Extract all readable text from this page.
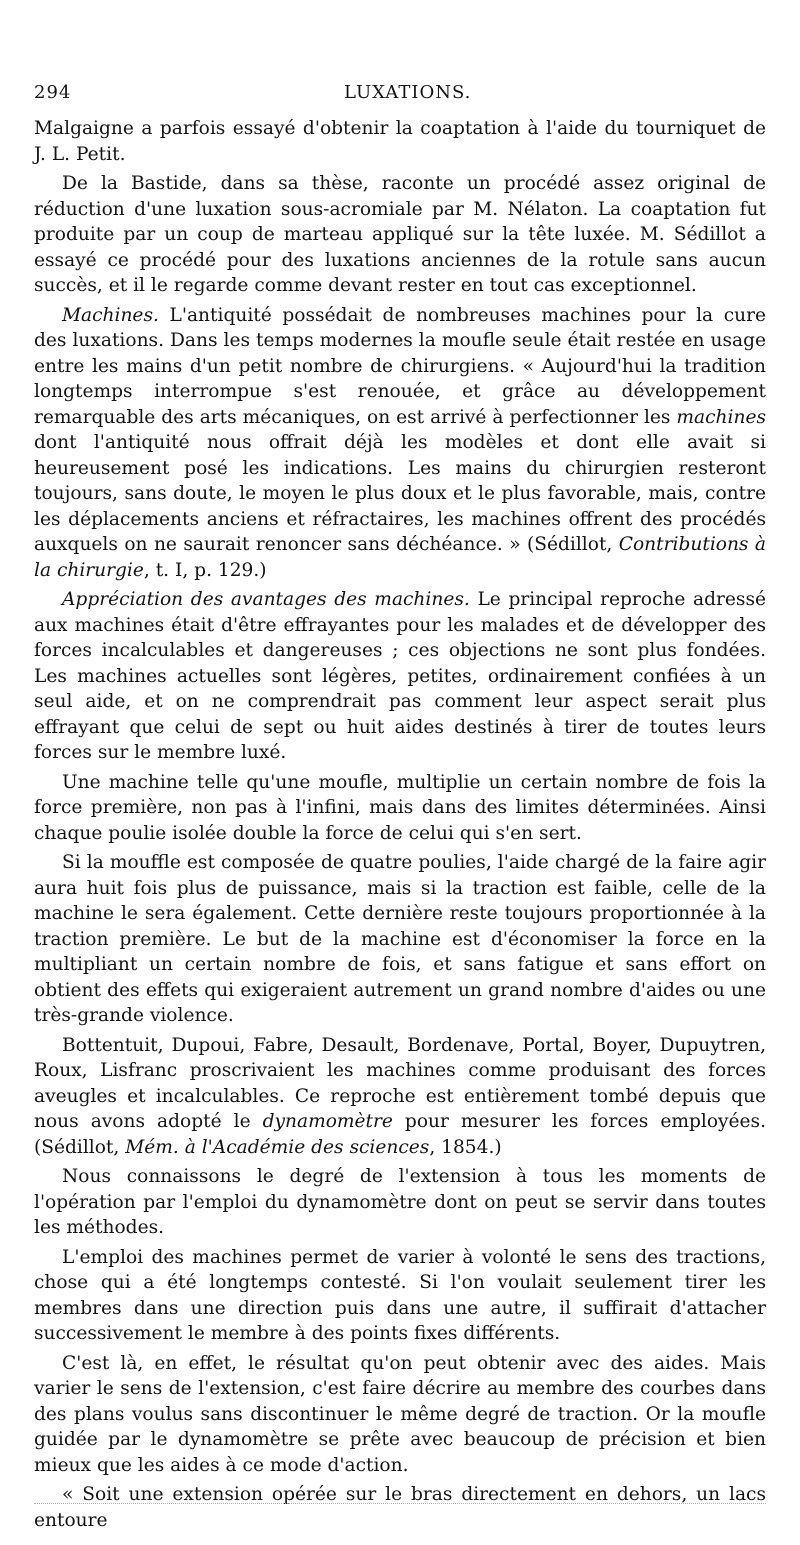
294	LUXATIONS.

Malgaigne a parfois essayé d'obtenir la coaptation à l'aide du tourniquet de J. L. Petit.

De la Bastide, dans sa thèse, raconte un procédé assez original de réduction d'une luxation sous-acromiale par M. Nélaton. La coaptation fut produite par un coup de marteau appliqué sur la tête luxée. M. Sédillot a essayé ce procédé pour des luxations anciennes de la rotule sans aucun succès, et il le regarde comme devant rester en tout cas exceptionnel.

Machines. L'antiquité possédait de nombreuses machines pour la cure des luxations. Dans les temps modernes la moufle seule était restée en usage entre les mains d'un petit nombre de chirurgiens. « Aujourd'hui la tradition longtemps interrompue s'est renouée, et grâce au développement remarquable des arts mécaniques, on est arrivé à perfectionner les machines dont l'antiquité nous offrait déjà les modèles et dont elle avait si heureusement posé les indications. Les mains du chirurgien resteront toujours, sans doute, le moyen le plus doux et le plus favorable, mais, contre les déplacements anciens et réfractaires, les machines offrent des procédés auxquels on ne saurait renoncer sans déchéance. » (Sédillot, Contributions à la chirurgie, t. I, p. 129.)

Appréciation des avantages des machines. Le principal reproche adressé aux machines était d'être effrayantes pour les malades et de développer des forces incalculables et dangereuses ; ces objections ne sont plus fondées. Les machines actuelles sont légères, petites, ordinairement confiées à un seul aide, et on ne comprendrait pas comment leur aspect serait plus effrayant que celui de sept ou huit aides destinés à tirer de toutes leurs forces sur le membre luxé.

Une machine telle qu'une moufle, multiplie un certain nombre de fois la force première, non pas à l'infini, mais dans des limites déterminées. Ainsi chaque poulie isolée double la force de celui qui s'en sert.

Si la mouffle est composée de quatre poulies, l'aide chargé de la faire agir aura huit fois plus de puissance, mais si la traction est faible, celle de la machine le sera également. Cette dernière reste toujours proportionnée à la traction première. Le but de la machine est d'économiser la force en la multipliant un certain nombre de fois, et sans fatigue et sans effort on obtient des effets qui exigeraient autrement un grand nombre d'aides ou une très-grande violence.

Bottentuit, Dupoui, Fabre, Desault, Bordenave, Portal, Boyer, Dupuytren, Roux, Lisfranc proscrivaient les machines comme produisant des forces aveugles et incalculables. Ce reproche est entièrement tombé depuis que nous avons adopté le dynamomètre pour mesurer les forces employées. (Sédillot, Mém. à l'Académie des sciences, 1854.)

Nous connaissons le degré de l'extension à tous les moments de l'opération par l'emploi du dynamomètre dont on peut se servir dans toutes les méthodes.

L'emploi des machines permet de varier à volonté le sens des tractions, chose qui a été longtemps contesté. Si l'on voulait seulement tirer les membres dans une direction puis dans une autre, il suffirait d'attacher successivement le membre à des points fixes différents.

C'est là, en effet, le résultat qu'on peut obtenir avec des aides. Mais varier le sens de l'extension, c'est faire décrire au membre des courbes dans des plans voulus sans discontinuer le même degré de traction. Or la moufle guidée par le dynamomètre se prête avec beaucoup de précision et bien mieux que les aides à ce mode d'action.

« Soit une extension opérée sur le bras directement en dehors, un lacs entoure
